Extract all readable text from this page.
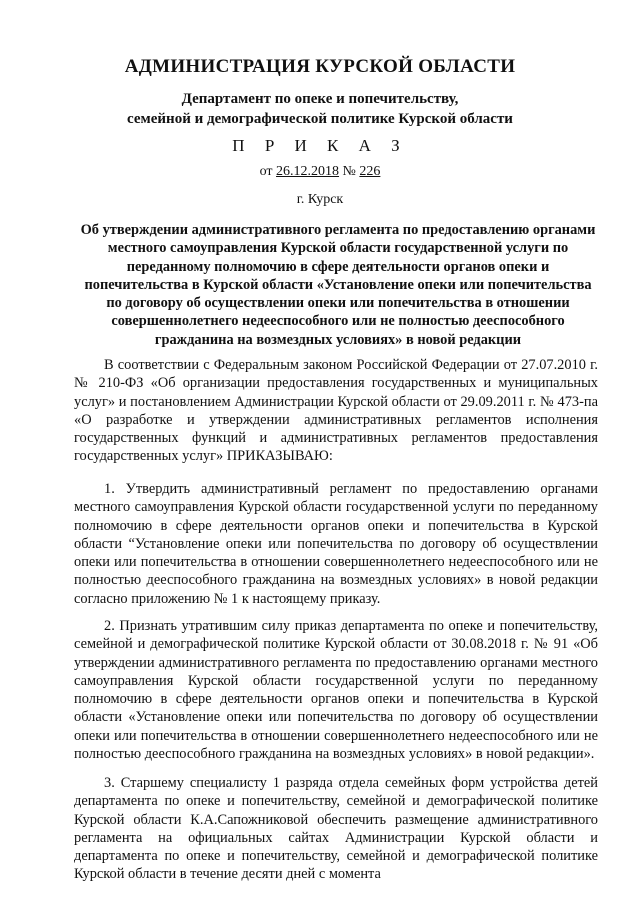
АДМИНИСТРАЦИЯ КУРСКОЙ ОБЛАСТИ
Департамент по опеке и попечительству,
семейной и демографической политике Курской области
П Р И К А З
от 26.12.2018 № 226
г. Курск
Об утверждении административного регламента по предоставлению органами местного самоуправления Курской области государственной услуги по переданному полномочию в сфере деятельности органов опеки и попечительства в Курской области «Установление опеки или попечительства по договору об осуществлении опеки или попечительства в отношении совершеннолетнего недееспособного или не полностью дееспособного гражданина на возмездных условиях» в новой редакции
В соответствии с Федеральным законом Российской Федерации от 27.07.2010 г. № 210-ФЗ «Об организации предоставления государственных и муниципальных услуг» и постановлением Администрации Курской области от 29.09.2011 г. № 473-па «О разработке и утверждении административных регламентов исполнения государственных функций и административных регламентов предоставления государственных услуг» ПРИКАЗЫВАЮ:
1. Утвердить административный регламент по предоставлению органами местного самоуправления Курской области государственной услуги по переданному полномочию в сфере деятельности органов опеки и попечительства в Курской области “Установление опеки или попечительства по договору об осуществлении опеки или попечительства в отношении совершеннолетнего недееспособного или не полностью дееспособного гражданина на возмездных условиях» в новой редакции согласно приложению № 1 к настоящему приказу.
2. Признать утратившим силу приказ департамента по опеке и попечительству, семейной и демографической политике Курской области от 30.08.2018 г. № 91 «Об утверждении административного регламента по предоставлению органами местного самоуправления Курской области государственной услуги по переданному полномочию в сфере деятельности органов опеки и попечительства в Курской области «Установление опеки или попечительства по договору об осуществлении опеки или попечительства в отношении совершеннолетнего недееспособного или не полностью дееспособного гражданина на возмездных условиях» в новой редакции».
3. Старшему специалисту 1 разряда отдела семейных форм устройства детей департамента по опеке и попечительству, семейной и демографической политике Курской области К.А.Сапожниковой обеспечить размещение административного регламента на официальных сайтах Администрации Курской области и департамента по опеке и попечительству, семейной и демографической политике Курской области в течение десяти дней с момента
